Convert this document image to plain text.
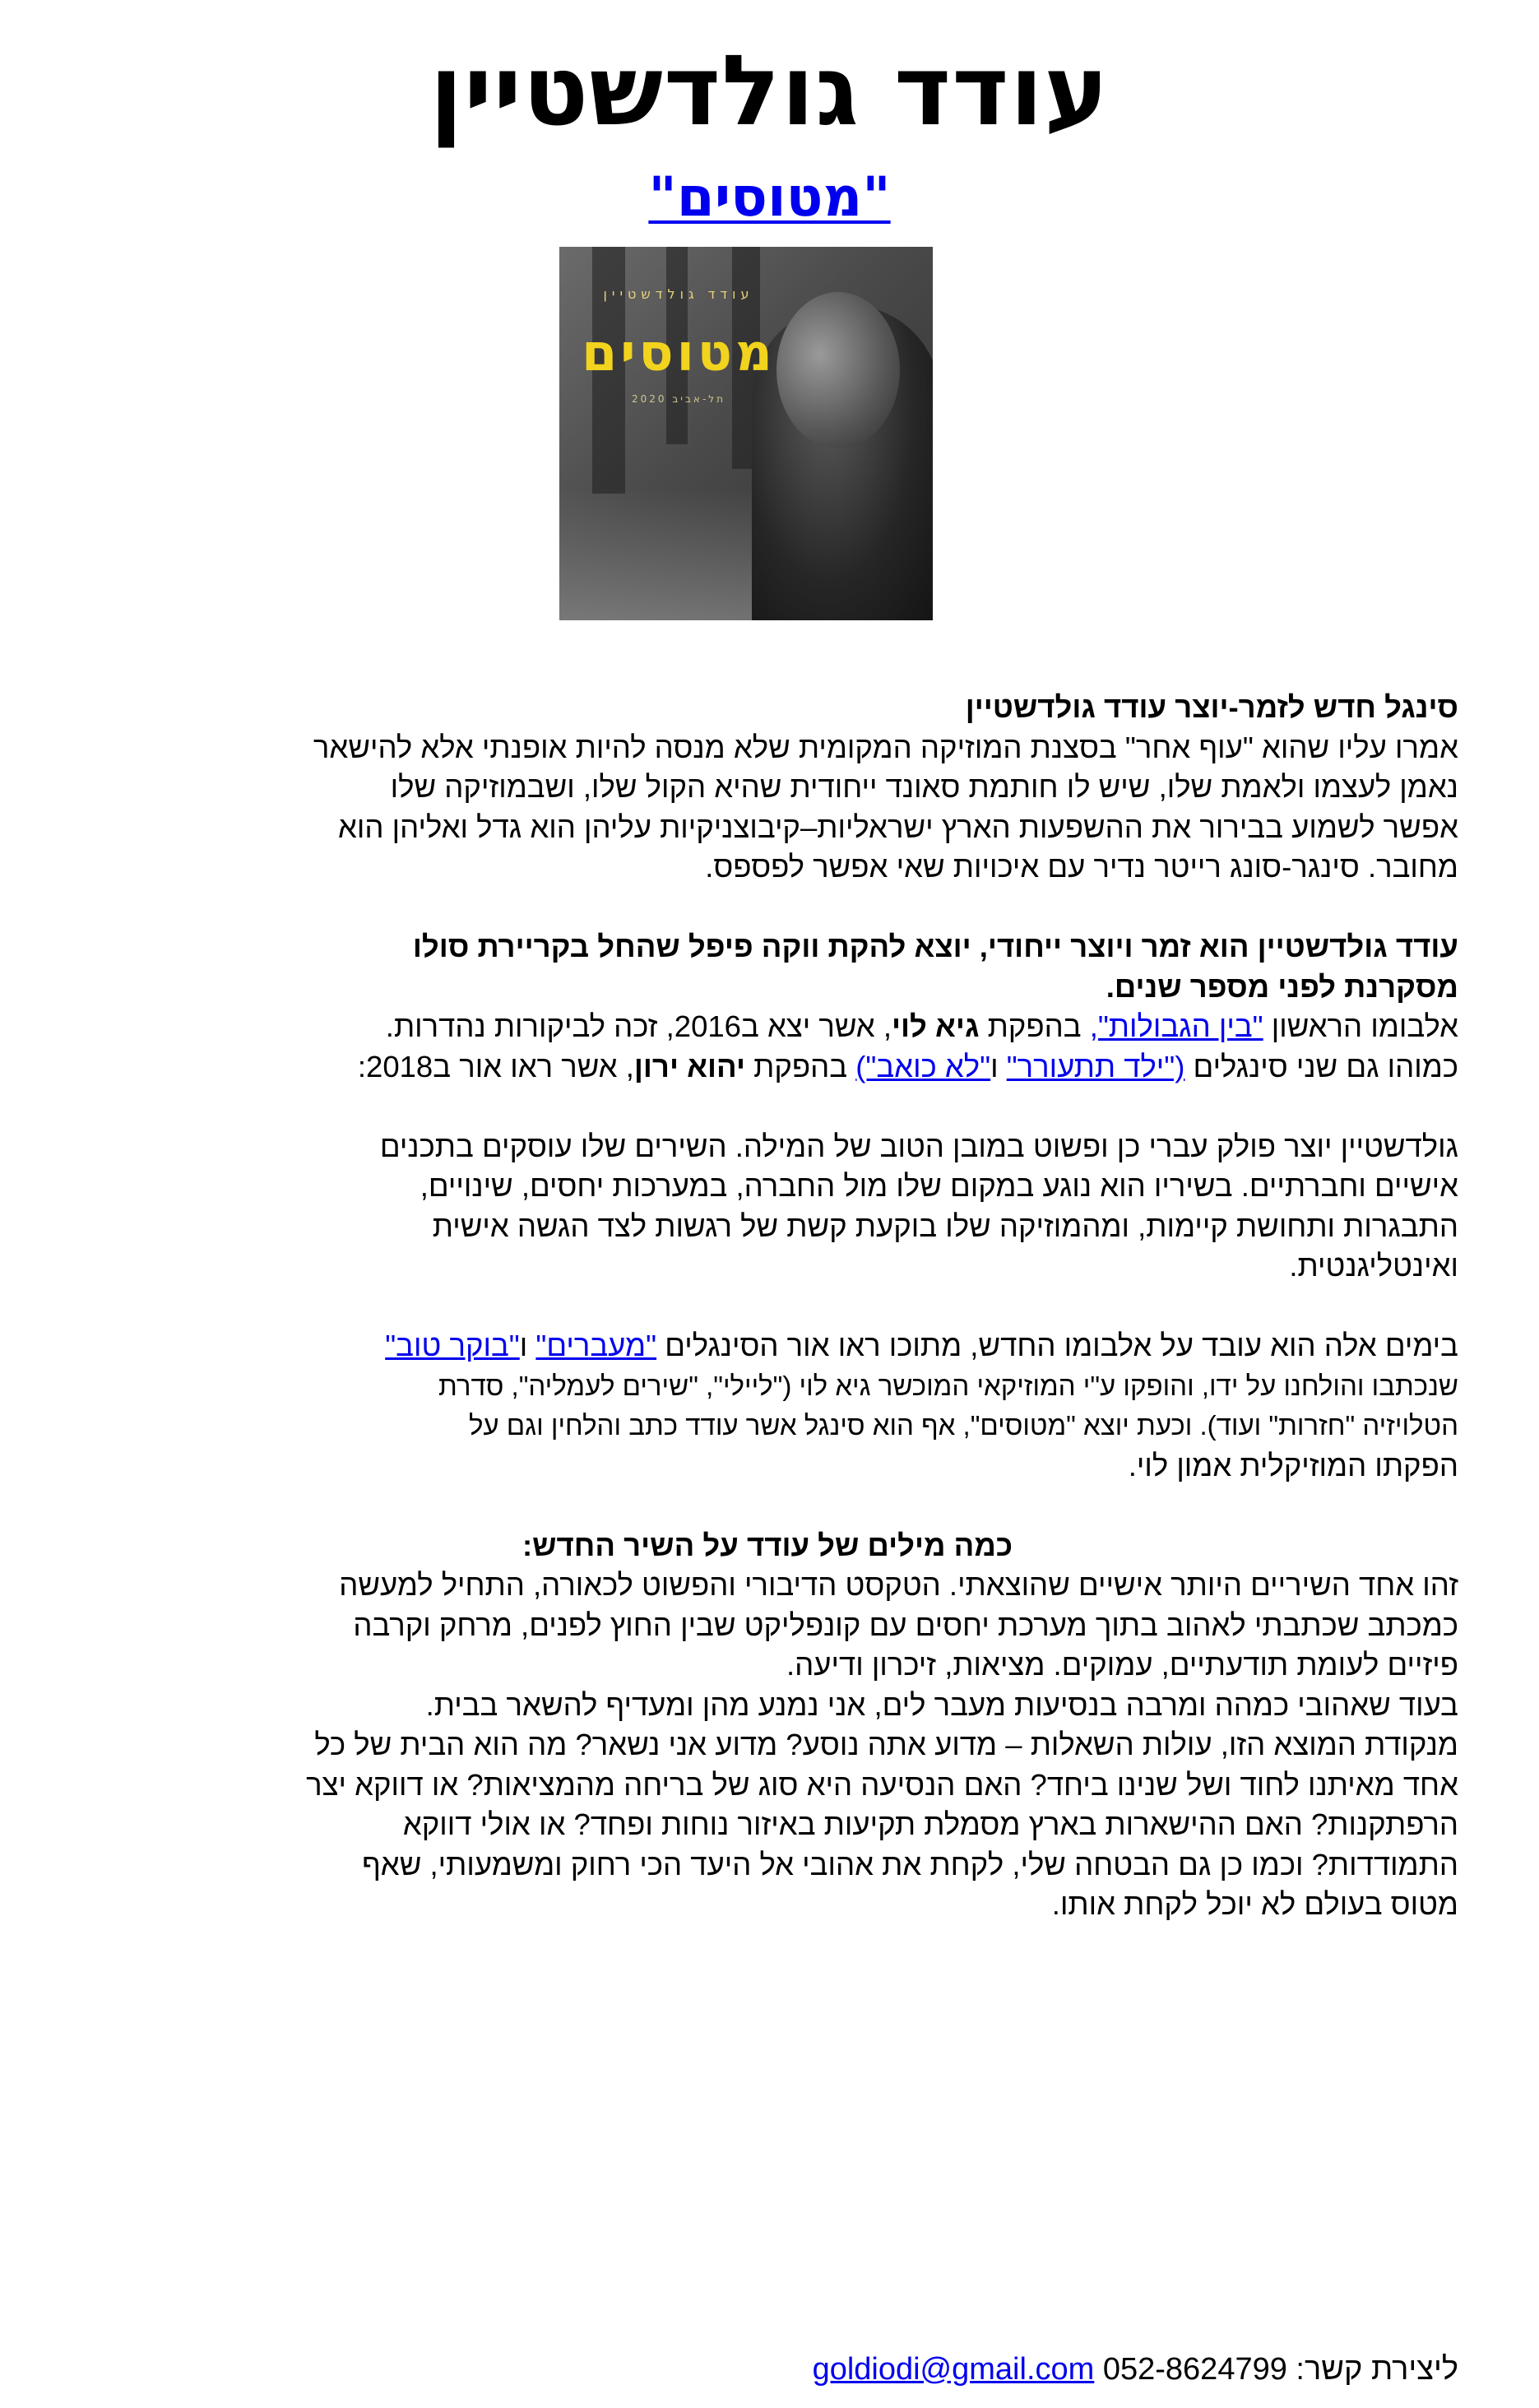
עודד גולדשטיין
"מטוסים"
עודד גולדשטיין
מטוסים
תל-אביב 2020

סינגל חדש לזמר-יוצר עודד גולדשטיין

אמרו עליו שהוא "עוף אחר" בסצנת המוזיקה המקומית שלא מנסה להיות אופנתי אלא להישאר

נאמן לעצמו ולאמת שלו, שיש לו חותמת סאונד ייחודית שהיא הקול שלו, ושבמוזיקה שלו

אפשר לשמוע בבירור את ההשפעות הארץ ישראליות–קיבוצניקיות עליהן הוא גדל ואליהן הוא

מחובר. סינגר-סונג רייטר נדיר עם איכויות שאי אפשר לפספס.

עודד גולדשטיין הוא זמר ויוצר ייחודי, יוצא להקת ווקה פיפל שהחל בקריירת סולו

מסקרנת לפני מספר שנים.

אלבומו הראשון "בין הגבולות", בהפקת גיא לוי, אשר יצא ב2016, זכה לביקורות נהדרות.

כמוהו גם שני סינגלים ("ילד תתעורר" ו"לא כואב") בהפקת יהוא ירון, אשר ראו אור ב2018:

גולדשטיין יוצר פולק עברי כן ופשוט במובן הטוב של המילה. השירים שלו עוסקים בתכנים

אישיים וחברתיים. בשיריו הוא נוגע במקום שלו מול החברה, במערכות יחסים, שינויים,

התבגרות ותחושת קיימות, ומהמוזיקה שלו בוקעת קשת של רגשות לצד הגשה אישית

ואינטליגנטית.

בימים אלה הוא עובד על אלבומו החדש, מתוכו ראו אור הסינגלים "מעברים" ו"בוקר טוב"

שנכתבו והולחנו על ידו, והופקו ע"י המוזיקאי המוכשר גיא לוי ("ליילי", "שירים לעמליה", סדרת

הטלויזיה "חזרות" ועוד). וכעת יוצא "מטוסים", אף הוא סינגל אשר עודד כתב והלחין וגם על

הפקתו המוזיקלית אמון לוי.

כמה מילים של עודד על השיר החדש:

זהו אחד השיריים היותר אישיים שהוצאתי. הטקסט הדיבורי והפשוט לכאורה, התחיל למעשה

כמכתב שכתבתי לאהוב בתוך מערכת יחסים עם קונפליקט שבין החוץ לפנים, מרחק וקרבה

פיזיים לעומת תודעתיים, עמוקים. מציאות, זיכרון ודיעה.

בעוד שאהובי כמהה ומרבה בנסיעות מעבר לים, אני נמנע מהן ומעדיף להשאר בבית.

מנקודת המוצא הזו, עולות השאלות – מדוע אתה נוסע? מדוע אני נשאר? מה הוא הבית של כל

אחד מאיתנו לחוד ושל שנינו ביחד? האם הנסיעה היא סוג של בריחה מהמציאות? או דווקא יצר

הרפתקנות? האם ההישארות בארץ מסמלת תקיעות באיזור נוחות ופחד? או אולי דווקא

התמודדות? וכמו כן גם הבטחה שלי, לקחת את אהובי אל היעד הכי רחוק ומשמעותי, שאף

מטוס בעולם לא יוכל לקחת אותו.

ליצירת קשר: 052-8624799 goldiodi@gmail.com
